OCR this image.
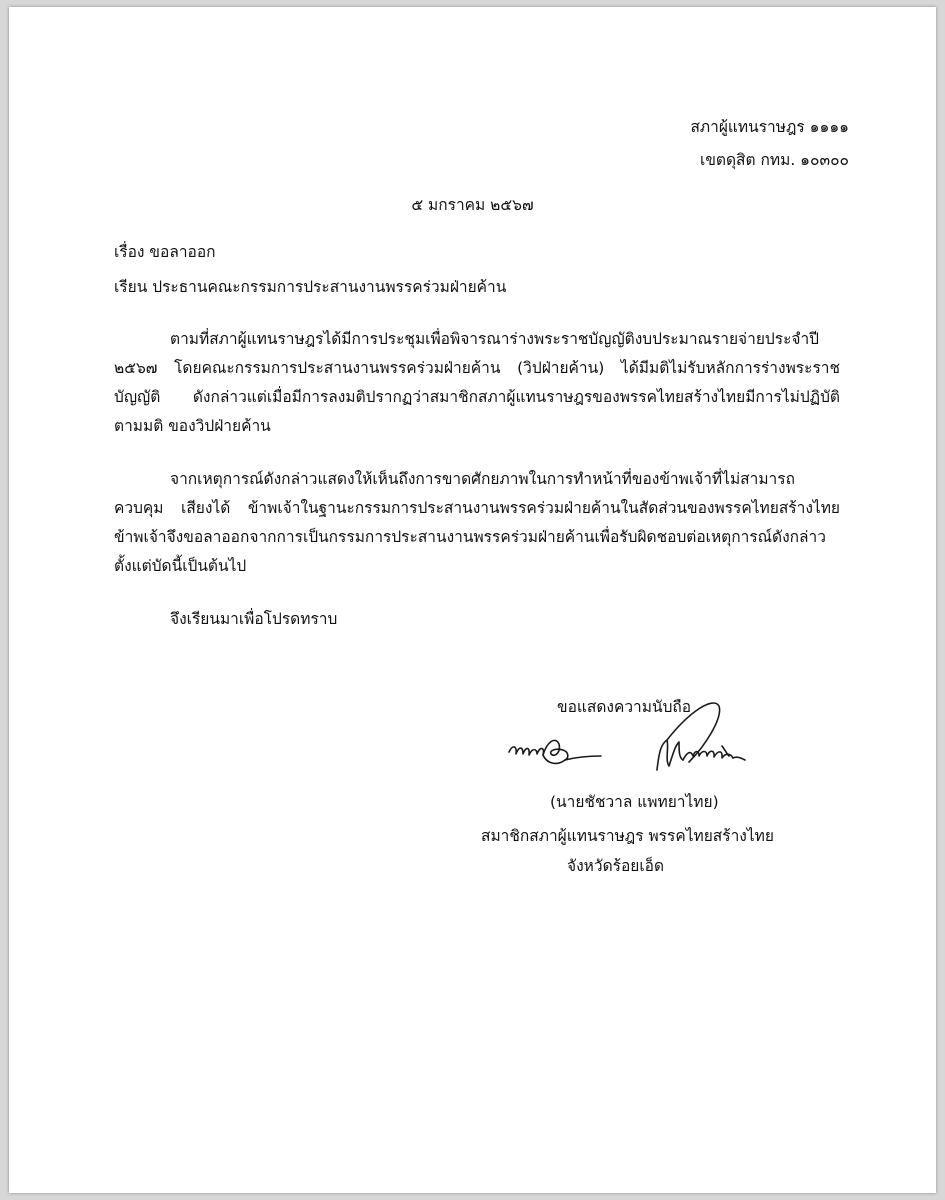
สภาผู้แทนราษฎร ๑๑๑๑
เขตดุสิต กทม. ๑๐๓๐๐
๕ มกราคม ๒๕๖๗
เรื่อง ขอลาออก
เรียน ประธานคณะกรรมการประสานงานพรรคร่วมฝ่ายค้าน
ตามที่สภาผู้แทนราษฎรได้มีการประชุมเพื่อพิจารณาร่างพระราชบัญญัติงบประมาณรายจ่ายประจำปี ๒๕๖๗ โดยคณะกรรมการประสานงานพรรคร่วมฝ่ายค้าน (วิปฝ่ายค้าน) ได้มีมติไม่รับหลักการร่างพระราชบัญญัติ ดังกล่าวแต่เมื่อมีการลงมติปรากฏว่าสมาชิกสภาผู้แทนราษฎรของพรรคไทยสร้างไทยมีการไม่ปฏิบัติตามมติ ของวิปฝ่ายค้าน
จากเหตุการณ์ดังกล่าวแสดงให้เห็นถึงการขาดศักยภาพในการทำหน้าที่ของข้าพเจ้าที่ไม่สามารถควบคุม เสียงได้ ข้าพเจ้าในฐานะกรรมการประสานงานพรรคร่วมฝ่ายค้านในสัดส่วนของพรรคไทยสร้างไทย ข้าพเจ้าจึงขอลาออกจากการเป็นกรรมการประสานงานพรรคร่วมฝ่ายค้านเพื่อรับผิดชอบต่อเหตุการณ์ดังกล่าว ตั้งแต่บัดนี้เป็นต้นไป
จึงเรียนมาเพื่อโปรดทราบ
ขอแสดงความนับถือ
(นายชัชวาล แพทยาไทย)
สมาชิกสภาผู้แทนราษฎร พรรคไทยสร้างไทย
จังหวัดร้อยเอ็ด
